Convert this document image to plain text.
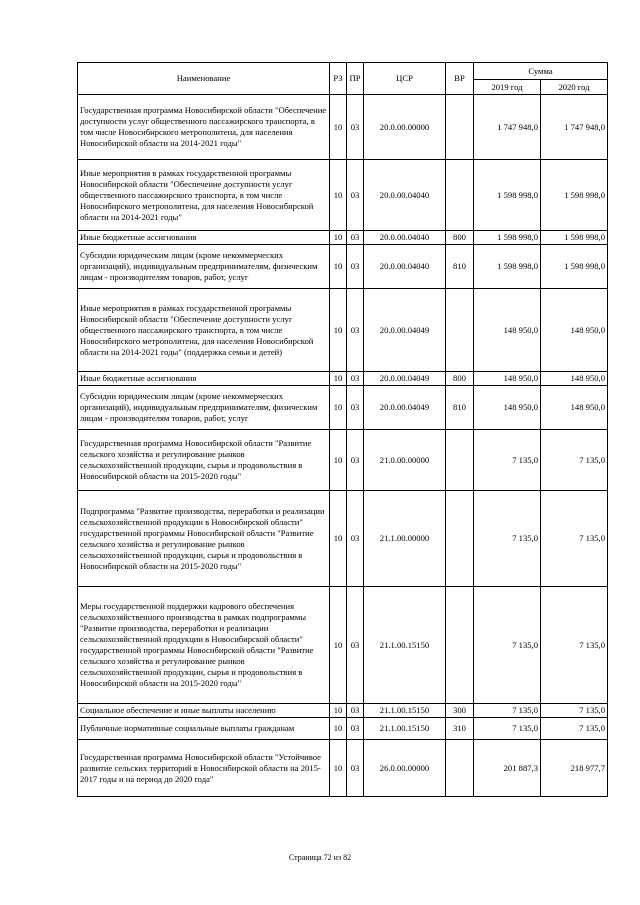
Наименование	РЗ	ПР	ЦСР	ВР	Сумма	
					2019 год	2020 год
Государственная программа Новосибирской области "Обеспечение доступности услуг общественного пассажирского транспорта, в том числе Новосибирского метрополитена, для населения Новосибирской области на 2014-2021 годы"	10	03	20.0.00.00000		1 747 948,0	1 747 948,0
Иные мероприятия в рамках государственной программы Новосибирской области "Обеспечение доступности услуг общественного пассажирского транспорта, в том числе Новосибирского метрополитена, для населения Новосибирской области на 2014-2021 годы"	10	03	20.0.00.04040		1 598 998,0	1 598 998,0
Иные бюджетные ассигнования	10	03	20.0.00.04040	800	1 598 998,0	1 598 998,0
Субсидии юридическим лицам (кроме некоммерческих организаций), индивидуальным предпринимателям, физическим лицам - производителям товаров, работ, услуг	10	03	20.0.00.04040	810	1 598 998,0	1 598 998,0
Иные мероприятия в рамках государственной программы Новосибирской области "Обеспечение доступности услуг общественного пассажирского транспорта, в том числе Новосибирского метрополитена, для населения Новосибирской области на 2014-2021 годы" (поддержка семьи и детей)	10	03	20.0.00.04049		148 950,0	148 950,0
Иные бюджетные ассигнования	10	03	20.0.00.04049	800	148 950,0	148 950,0
Субсидии юридическим лицам (кроме некоммерческих организаций), индивидуальным предпринимателям, физическим лицам - производителям товаров, работ, услуг	10	03	20.0.00.04049	810	148 950,0	148 950,0
Государственная программа Новосибирской области "Развитие сельского хозяйства и регулирование рынков сельскохозяйственной продукции, сырья и продовольствия в Новосибирской области на 2015-2020 годы"	10	03	21.0.00.00000		7 135,0	7 135,0
Подпрограмма "Развитие производства, переработки и реализации сельскохозяйственной продукции в Новосибирской области" государственной программы Новосибирской области "Развитие сельского хозяйства и регулирование рынков сельскохозяйственной продукции, сырья и продовольствия в Новосибирской области на 2015-2020 годы"	10	03	21.1.00.00000		7 135,0	7 135,0
Меры государственной поддержки кадрового обеспечения сельскохозяйственного производства в рамках подпрограммы "Развитие производства, переработки и реализации сельскохозяйственной продукции в Новосибирской области" государственной программы Новосибирской области "Развитие сельского хозяйства и регулирование рынков сельскохозяйственной продукции, сырья и продовольствия в Новосибирской области на 2015-2020 годы"	10	03	21.1.00.15150		7 135,0	7 135,0
Социальное обеспечение и иные выплаты населению	10	03	21.1.00.15150	300	7 135,0	7 135,0
Публичные нормативные социальные выплаты гражданам	10	03	21.1.00.15150	310	7 135,0	7 135,0
Государственная программа Новосибирской области "Устойчивое развитие сельских территорий в Новосибирской области на 2015-2017 годы и на период до 2020 года"	10	03	26.0.00.00000		201 887,3	218 977,7
Страница 72 из 82
